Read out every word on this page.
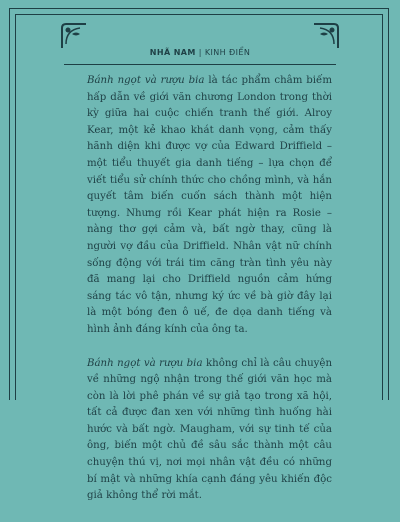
NHÃ NAM | KINH ĐIỂN

Bánh ngọt và rượu bia là tác phẩm châm biếm hấp dẫn về giới văn chương London trong thời kỳ giữa hai cuộc chiến tranh thế giới. Alroy Kear, một kẻ khao khát danh vọng, cảm thấy hãnh diện khi được vợ của Edward Driffield – một tiểu thuyết gia danh tiếng – lựa chọn để viết tiểu sử chính thức cho chồng mình, và hắn quyết tâm biến cuốn sách thành một hiện tượng. Nhưng rồi Kear phát hiện ra Rosie – nàng thơ gợi cảm và, bất ngờ thay, cũng là người vợ đầu của Driffield. Nhân vật nữ chính sống động với trái tim căng tràn tình yêu này đã mang lại cho Driffield nguồn cảm hứng sáng tác vô tận, nhưng ký ức về bà giờ đây lại là một bóng đen ô uế, đe dọa danh tiếng và hình ảnh đáng kính của ông ta.

Bánh ngọt và rượu bia không chỉ là câu chuyện về những ngộ nhận trong thế giới văn học mà còn là lời phê phán về sự giả tạo trong xã hội, tất cả được đan xen với những tình huống hài hước và bất ngờ. Maugham, với sự tinh tế của ông, biến một chủ đề sâu sắc thành một câu chuyện thú vị, nơi mọi nhân vật đều có những bí mật và những khía cạnh đáng yêu khiến độc giả không thể rời mắt.
